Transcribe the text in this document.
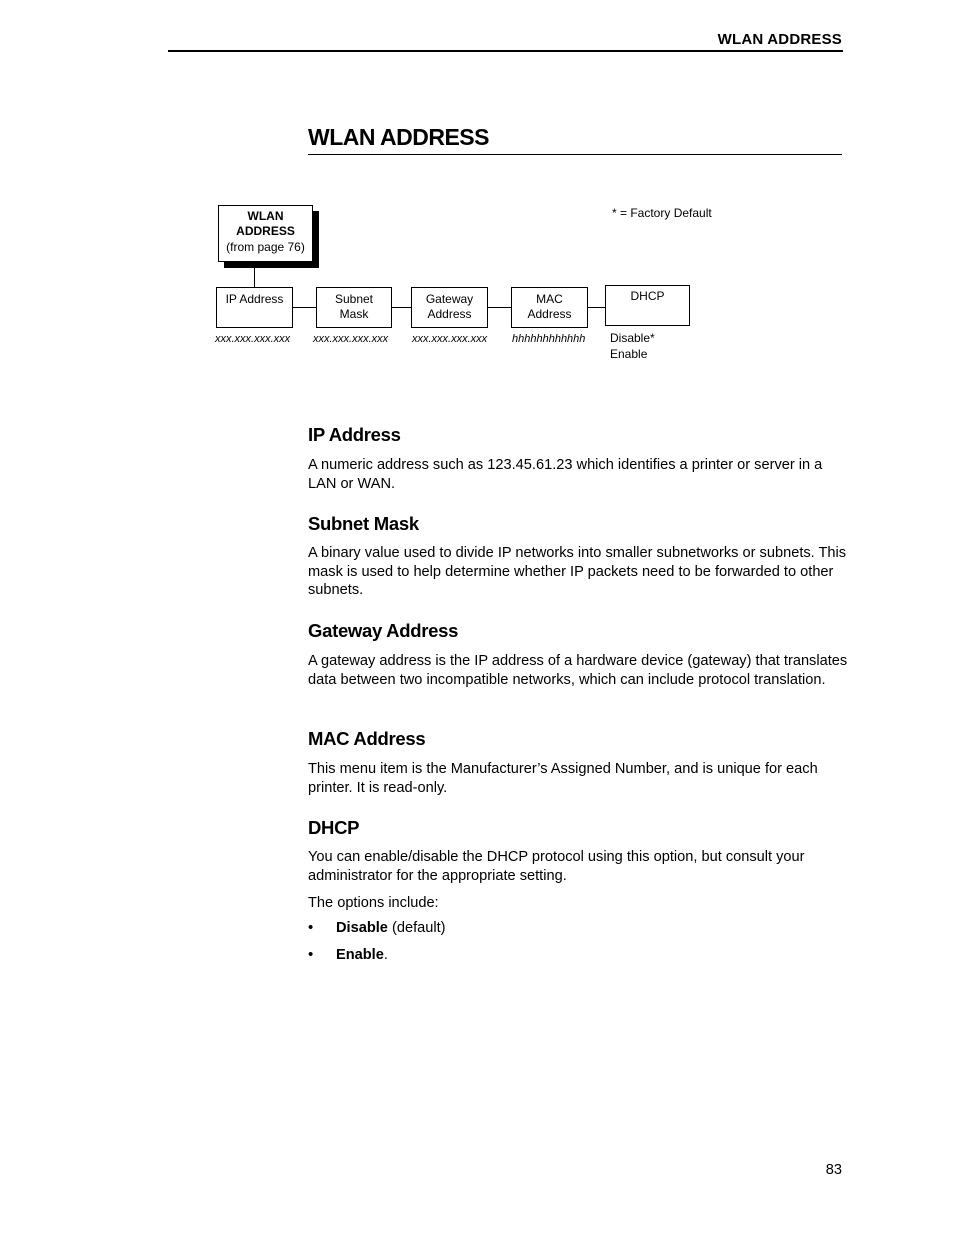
WLAN ADDRESS
WLAN ADDRESS
* = Factory Default
WLAN
ADDRESS
(from page 76)
IP Address	Subnet
Mask
Gateway
Address
MAC
Address
DHCP
xxx.xxx.xxx.xxx xxx.xxx.xxx.xxx xxx.xxx.xxx.xxx hhhhhhhhhhhh Disable*
Enable
IP Address
A numeric address such as 123.45.61.23 which identifies a printer or server in a LAN or WAN.
Subnet Mask
A binary value used to divide IP networks into smaller subnetworks or subnets. This mask is used to help determine whether IP packets need to be forwarded to other subnets.
Gateway Address
A gateway address is the IP address of a hardware device (gateway) that translates data between two incompatible networks, which can include protocol translation.
MAC Address
This menu item is the Manufacturer’s Assigned Number, and is unique for each printer. It is read-only.
DHCP
You can enable/disable the DHCP protocol using this option, but consult your administrator for the appropriate setting.
The options include:
• Disable (default)
• Enable.
83
